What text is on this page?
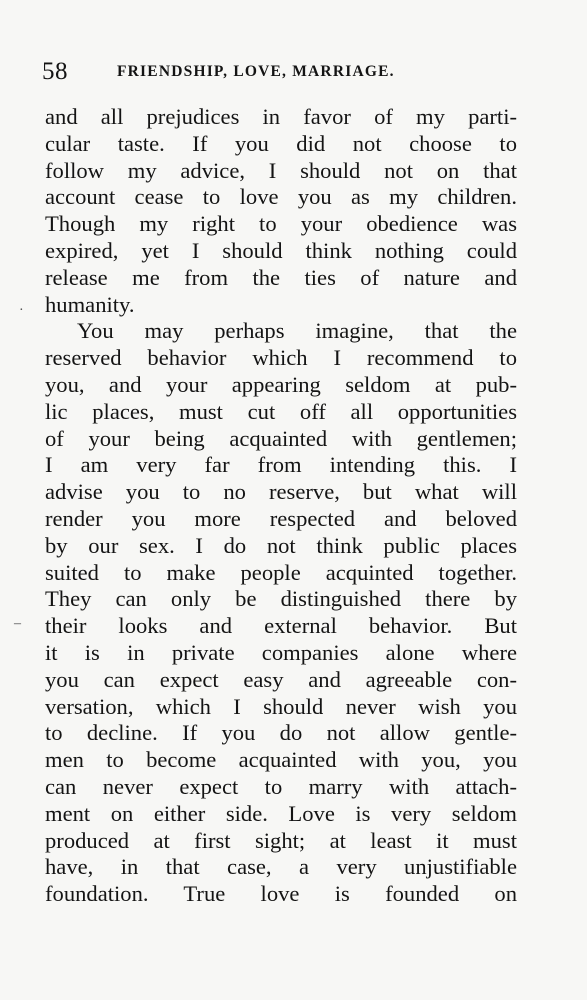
58	FRIENDSHIP, LOVE, MARRIAGE.
·
–
and all prejudices in favor of my parti-
cular taste. If you did not choose to
follow my advice, I should not on that
account cease to love you as my children.
Though my right to your obedience was
expired, yet I should think nothing could
release me from the ties of nature and
humanity.
You may perhaps imagine, that the
reserved behavior which I recommend to
you, and your appearing seldom at pub-
lic places, must cut off all opportunities
of your being acquainted with gentlemen;
I am very far from intending this. I
advise you to no reserve, but what will
render you more respected and beloved
by our sex. I do not think public places
suited to make people acquinted together.
They can only be distinguished there by
their looks and external behavior. But
it is in private companies alone where
you can expect easy and agreeable con-
versation, which I should never wish you
to decline. If you do not allow gentle-
men to become acquainted with you, you
can never expect to marry with attach-
ment on either side. Love is very seldom
produced at first sight; at least it must
have, in that case, a very unjustifiable
foundation. True love is founded on
